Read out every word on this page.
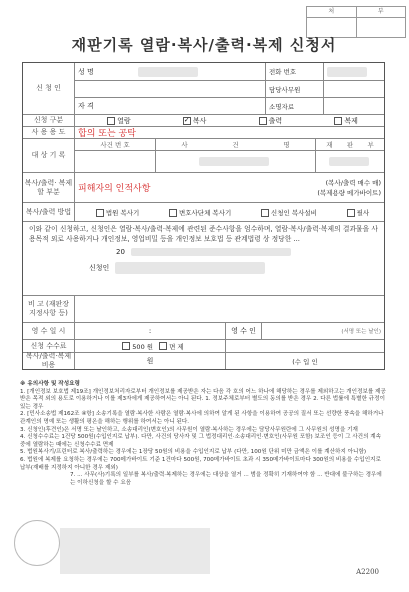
처	부
재판기록 열람·복사/출력·복제 신청서
신 청 인
성 명	전화 번호
담당사무원
자 격	소명자료
신청 구분	열람
✓	복사	출력	복제
사 용 용 도	합의 또는 공탁
대 상 기 록
사건 번 호	사	건	명	재 판 부
복사/출력· 복제할 부분	피해자의 인적사항
(복사/출력 매수 매)
(복제용량 메가바이트)
복사/출력 방법	법원 복사기	변호사단체 복사기	신청인 복사설비	필사
이와 같이 신청하고, 신청인은 열람·복사/출력·복제에 관련된 준수사항을 엄수하며, 열람·복사/출력·복제의 결과물을 사용목적 외로 사용하거나 개인정보, 영업비밀 등을 개인정보 보호법 등 관계법령 상 정당한 ...
20
신청인
비 고 (재판장 지정사항 등)
영 수 일 시	:	영 수 인	(서명 또는 날인)
신청 수수료	500 원 면 제
복사/출력·복제 비용	원	(수 입 인

※ 유의사항 및 작성요령

1. [개인정보 보호법 제19조] 개인정보처리자로부터 개인정보를 제공받은 자는 다음 각 호의 어느 하나에 해당하는 경우를 제외하고는 개인정보를 제공받은 목적 외의 용도로 이용하거나 이를 제3자에게 제공하여서는 아니 된다. 1. 정보주체로부터 별도의 동의를 받은 경우 2. 다른 법률에 특별한 규정이 있는 경우

2. [민사소송법 제162조 ④항] 소송기록을 열람·복사한 사람은 열람·복사에 의하여 알게 된 사항을 이용하여 공공의 질서 또는 선량한 풍속을 해하거나 관계인의 명예 또는 생활의 평온을 해하는 행위를 하여서는 아니 된다.

3. 신청인(후견인)은 서명 또는 날인하고, 소송대리인(변호인)의 사무원이 열람·복사하는 경우에는 담당사무원란에 그 사무원의 성명을 기재

4. 신청수수료는 1건당 500원(수입인지로 납부). 다만, 사건의 당사자 및 그 법정대리인·소송대리인·변호인(사무원 포함) 보조인 등이 그 사건의 계속 중에 열람하는 때에는 신청수수료 면제

5. 법원복사기/프린터로 복사/출력하는 경우에는 1장당 50원의 비용을 수입인지로 납부 (다만, 100원 단위 미만 금액은 이를 계산하지 아니함)

6. 법원에 복제를 요청하는 경우에는 700메가바이트 기준 1건마다 500원, 700메가바이트 초과 시 350메가바이트마다 300원의 비용을 수입인지로 납부(재배를 지정하지 아니한 경우 제외)

7. ... 사무(사)기록의 일부를 복사/출력·복제하는 경우에는 대상을 열거 ... 범을 정확히 기재하여야 함 ... 반대에 불구하는 경우에는 이하신청을 할 수 요음

A2200
